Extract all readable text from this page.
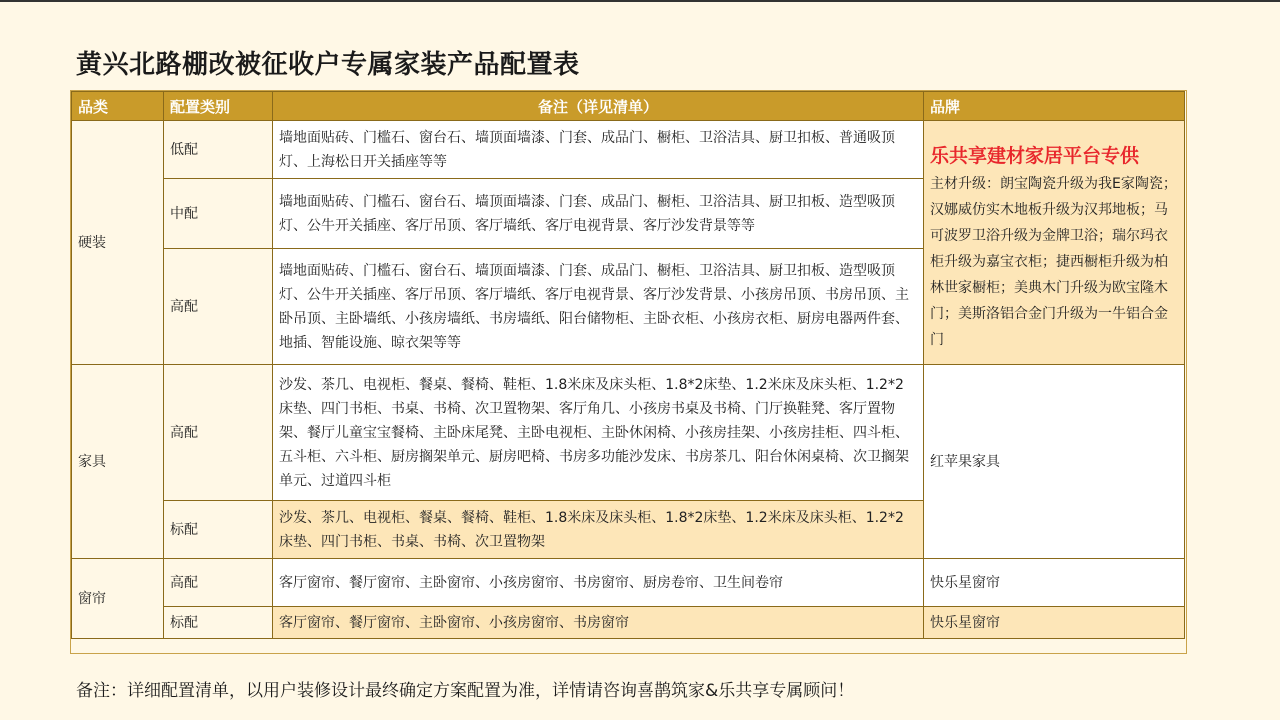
黄兴北路棚改被征收户专属家装产品配置表
品类	配置类别	备注（详见清单）	品牌
硬装	低配	墙地面贴砖、门槛石、窗台石、墙顶面墙漆、门套、成品门、橱柜、卫浴洁具、厨卫扣板、普通吸顶灯、上海松日开关插座等等	乐共享建材家居平台专供
主材升级：朗宝陶瓷升级为我E家陶瓷；汉娜威仿实木地板升级为汉邦地板；马可波罗卫浴升级为金牌卫浴；瑞尔玛衣柜升级为嘉宝衣柜；捷西橱柜升级为柏林世家橱柜；美典木门升级为欧宝隆木门；美斯洛铝合金门升级为一牛铝合金门
	中配	墙地面贴砖、门槛石、窗台石、墙顶面墙漆、门套、成品门、橱柜、卫浴洁具、厨卫扣板、造型吸顶灯、公牛开关插座、客厅吊顶、客厅墙纸、客厅电视背景、客厅沙发背景等等	
	高配	墙地面贴砖、门槛石、窗台石、墙顶面墙漆、门套、成品门、橱柜、卫浴洁具、厨卫扣板、造型吸顶灯、公牛开关插座、客厅吊顶、客厅墙纸、客厅电视背景、客厅沙发背景、小孩房吊顶、书房吊顶、主卧吊顶、主卧墙纸、小孩房墙纸、书房墙纸、阳台储物柜、主卧衣柜、小孩房衣柜、厨房电器两件套、地插、智能设施、晾衣架等等	
家具	高配	沙发、茶几、电视柜、餐桌、餐椅、鞋柜、1.8米床及床头柜、1.8*2床垫、1.2米床及床头柜、1.2*2床垫、四门书柜、书桌、书椅、次卫置物架、客厅角几、小孩房书桌及书椅、门厅换鞋凳、客厅置物架、餐厅儿童宝宝餐椅、主卧床尾凳、主卧电视柜、主卧休闲椅、小孩房挂架、小孩房挂柜、四斗柜、五斗柜、六斗柜、厨房搁架单元、厨房吧椅、书房多功能沙发床、书房茶几、阳台休闲桌椅、次卫搁架单元、过道四斗柜	红苹果家具
	标配	沙发、茶几、电视柜、餐桌、餐椅、鞋柜、1.8米床及床头柜、1.8*2床垫、1.2米床及床头柜、1.2*2床垫、四门书柜、书桌、书椅、次卫置物架	
窗帘	高配	客厅窗帘、餐厅窗帘、主卧窗帘、小孩房窗帘、书房窗帘、厨房卷帘、卫生间卷帘	快乐星窗帘
	标配	客厅窗帘、餐厅窗帘、主卧窗帘、小孩房窗帘、书房窗帘	快乐星窗帘
备注：详细配置清单，以用户装修设计最终确定方案配置为准，详情请咨询喜鹊筑家&乐共享专属顾问！
